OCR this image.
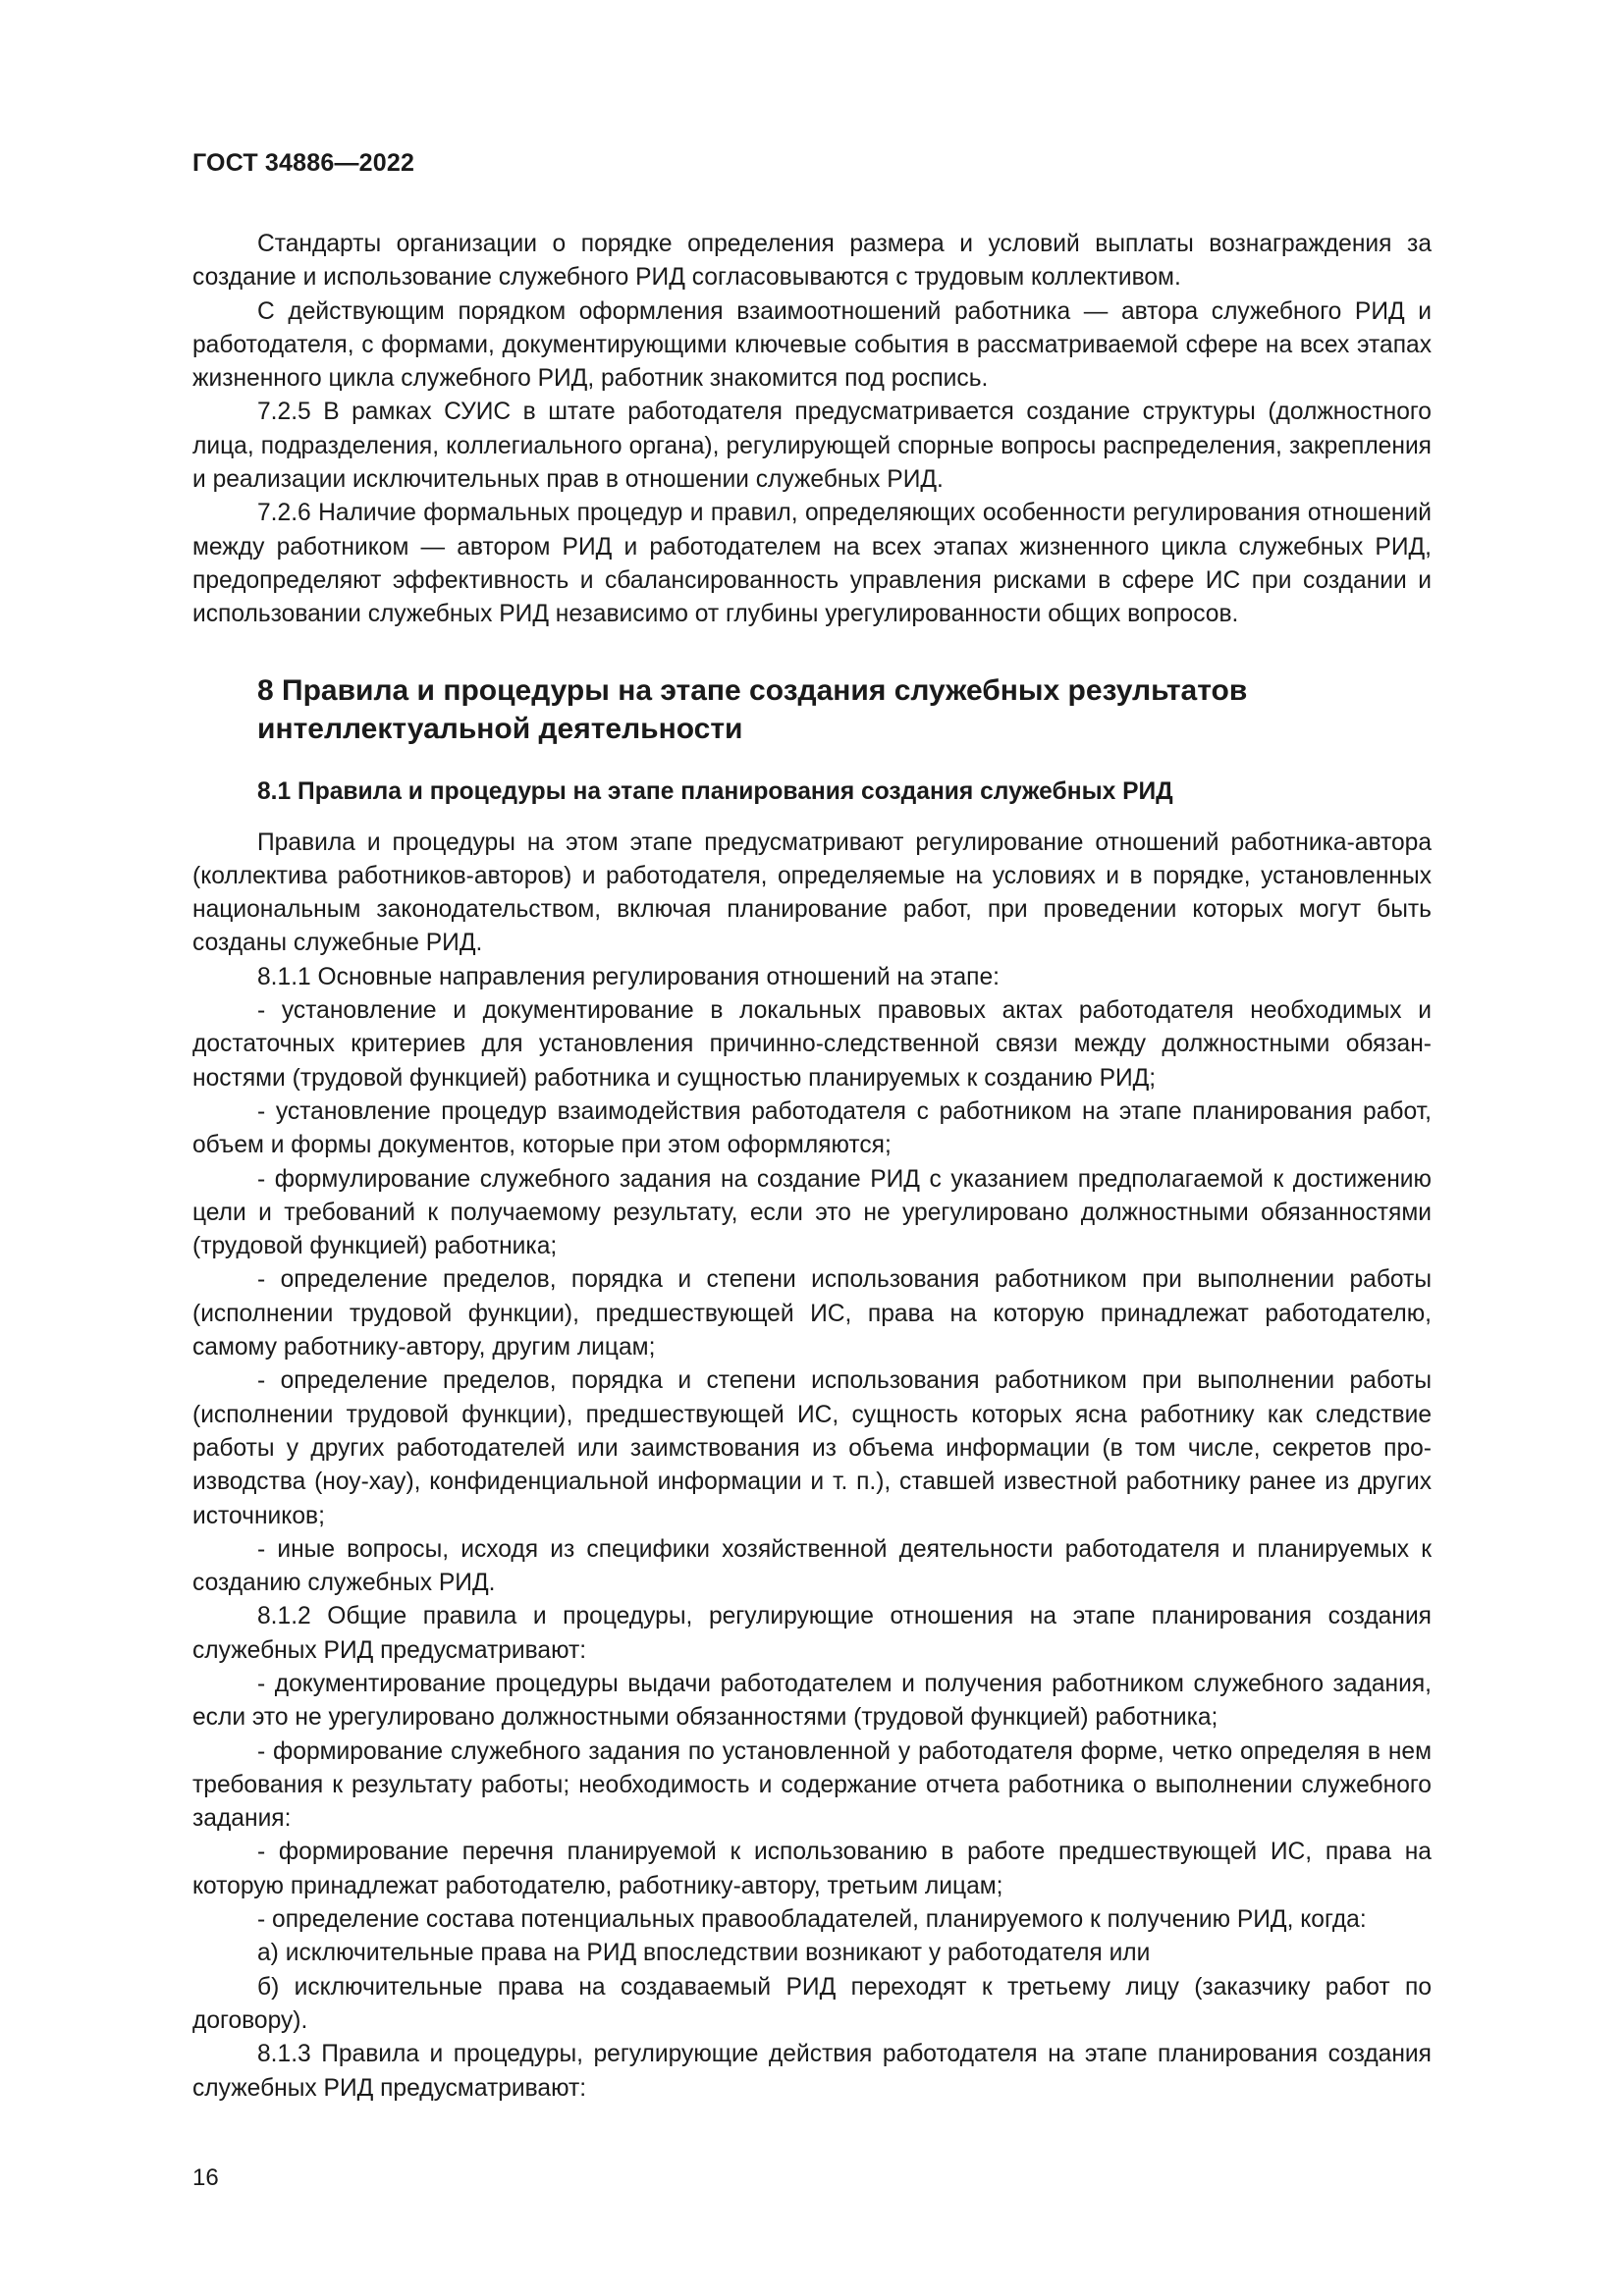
ГОСТ 34886—2022

Стандарты организации о порядке определения размера и условий выплаты вознаграждения за создание и использование служебного РИД согласовываются с трудовым коллективом.

С действующим порядком оформления взаимоотношений работника — автора служебного РИД и работодателя, с формами, документирующими ключевые события в рассматриваемой сфере на всех этапах жизненного цикла служебного РИД, работник знакомится под роспись.

7.2.5 В рамках СУИС в штате работодателя предусматривается создание структуры (должностного лица, подразделения, коллегиального органа), регулирующей спорные вопросы распределения, закрепления и реализации исключительных прав в отношении служебных РИД.

7.2.6 Наличие формальных процедур и правил, определяющих особенности регулирования отношений между работником — автором РИД и работодателем на всех этапах жизненного цикла служебных РИД, предопределяют эффективность и сбалансированность управления рисками в сфере ИС при создании и использовании служебных РИД независимо от глубины урегулированности общих вопросов.

8 Правила и процедуры на этапе создания служебных результатов интеллектуальной деятельности
8.1 Правила и процедуры на этапе планирования создания служебных РИД

Правила и процедуры на этом этапе предусматривают регулирование отношений работника-автора (коллектива работников-авторов) и работодателя, определяемые на условиях и в порядке, установленных национальным законодательством, включая планирование работ, при проведении которых могут быть созданы служебные РИД.

8.1.1 Основные направления регулирования отношений на этапе:

- установление и документирование в локальных правовых актах работодателя необходимых и достаточных критериев для установления причинно-следственной связи между должностными обязанностями (трудовой функцией) работника и сущностью планируемых к созданию РИД;

- установление процедур взаимодействия работодателя с работником на этапе планирования работ, объем и формы документов, которые при этом оформляются;

- формулирование служебного задания на создание РИД с указанием предполагаемой к достижению цели и требований к получаемому результату, если это не урегулировано должностными обязанностями (трудовой функцией) работника;

- определение пределов, порядка и степени использования работником при выполнении работы (исполнении трудовой функции), предшествующей ИС, права на которую принадлежат работодателю, самому работнику-автору, другим лицам;

- определение пределов, порядка и степени использования работником при выполнении работы (исполнении трудовой функции), предшествующей ИС, сущность которых ясна работнику как следствие работы у других работодателей или заимствования из объема информации (в том числе, секретов производства (ноу-хау), конфиденциальной информации и т. п.), ставшей известной работнику ранее из других источников;

- иные вопросы, исходя из специфики хозяйственной деятельности работодателя и планируемых к созданию служебных РИД.

8.1.2 Общие правила и процедуры, регулирующие отношения на этапе планирования создания служебных РИД предусматривают:

- документирование процедуры выдачи работодателем и получения работником служебного задания, если это не урегулировано должностными обязанностями (трудовой функцией) работника;

- формирование служебного задания по установленной у работодателя форме, четко определяя в нем требования к результату работы; необходимость и содержание отчета работника о выполнении служебного задания:

- формирование перечня планируемой к использованию в работе предшествующей ИС, права на которую принадлежат работодателю, работнику-автору, третьим лицам;

- определение состава потенциальных правообладателей, планируемого к получению РИД, когда:

а) исключительные права на РИД впоследствии возникают у работодателя или

б) исключительные права на создаваемый РИД переходят к третьему лицу (заказчику работ по договору).

8.1.3 Правила и процедуры, регулирующие действия работодателя на этапе планирования создания служебных РИД предусматривают:

16
